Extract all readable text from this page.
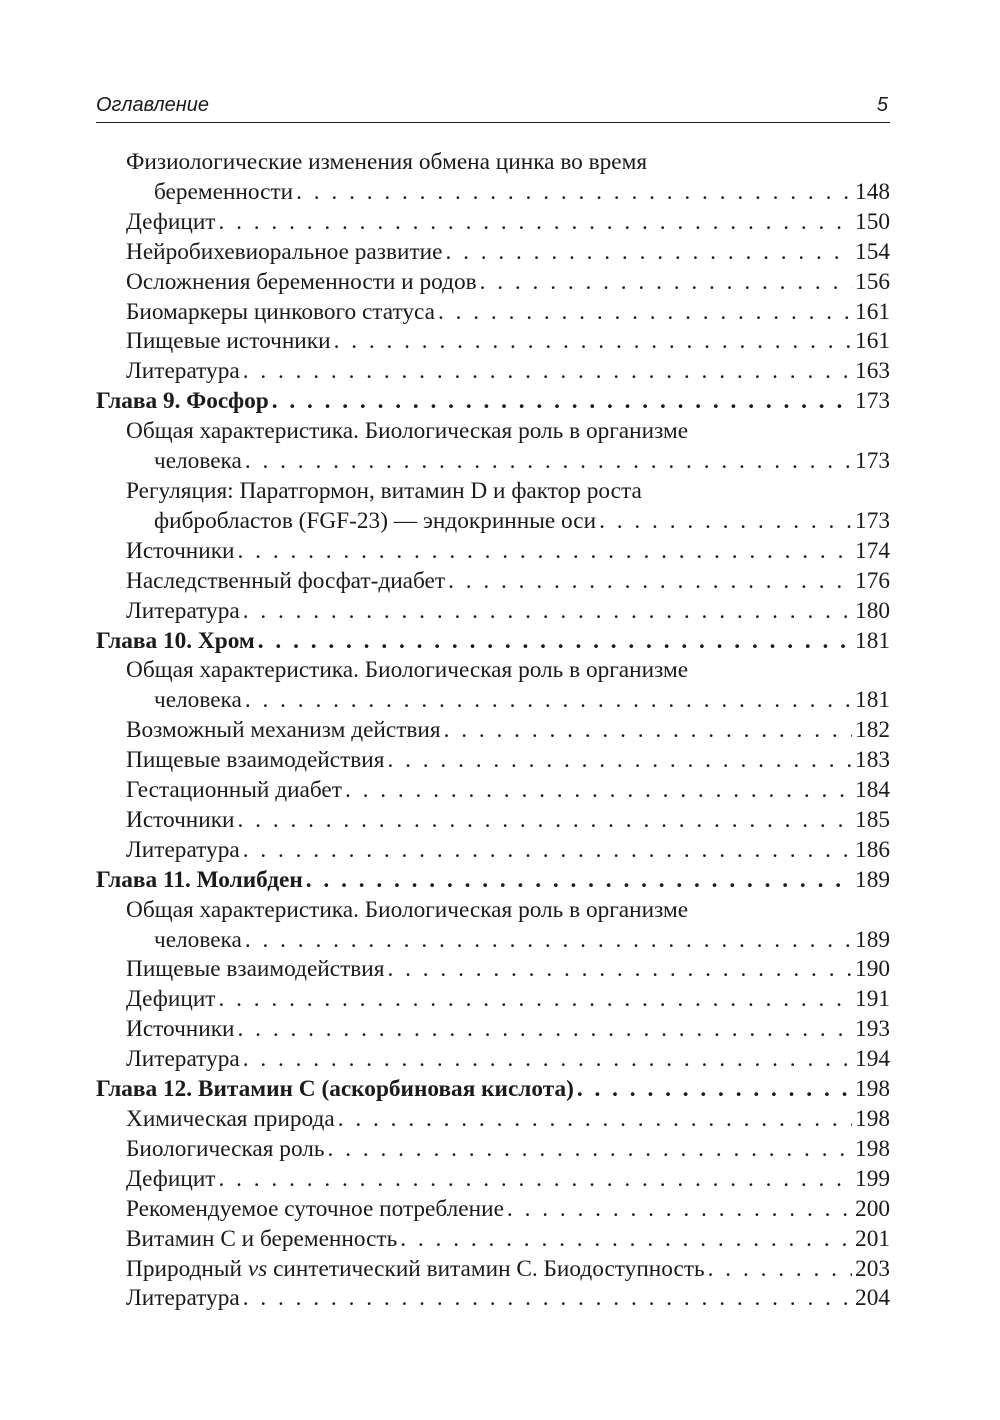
Оглавление	5
Физиологические изменения обмена цинка во время
беременности . . .	148
Дефицит . . .	150
Нейробихевиоральное развитие . . .	154
Осложнения беременности и родов . . .	156
Биомаркеры цинкового статуса . . .	161
Пищевые источники . . .	161
Литература . . .	163
Глава 9. Фосфор . . .	173
Общая характеристика. Биологическая роль в организме
человека . . .	173
Регуляция: Паратгормон, витамин D и фактор роста
фибробластов (FGF-23) — эндокринные оси . . .	173
Источники . . .	174
Наследственный фосфат-диабет . . .	176
Литература . . .	180
Глава 10. Хром . . .	181
Общая характеристика. Биологическая роль в организме
человека . . .	181
Возможный механизм действия . . .	182
Пищевые взаимодействия . . .	183
Гестационный диабет . . .	184
Источники . . .	185
Литература . . .	186
Глава 11. Молибден . . .	189
Общая характеристика. Биологическая роль в организме
человека . . .	189
Пищевые взаимодействия . . .	190
Дефицит . . .	191
Источники . . .	193
Литература . . .	194
Глава 12. Витамин С (аскорбиновая кислота) . . .	198
Химическая природа . . .	198
Биологическая роль . . .	198
Дефицит . . .	199
Рекомендуемое суточное потребление . . .	200
Витамин С и беременность . . .	201
Природный vs синтетический витамин С. Биодоступность . . .	203
Литература . . .	204
